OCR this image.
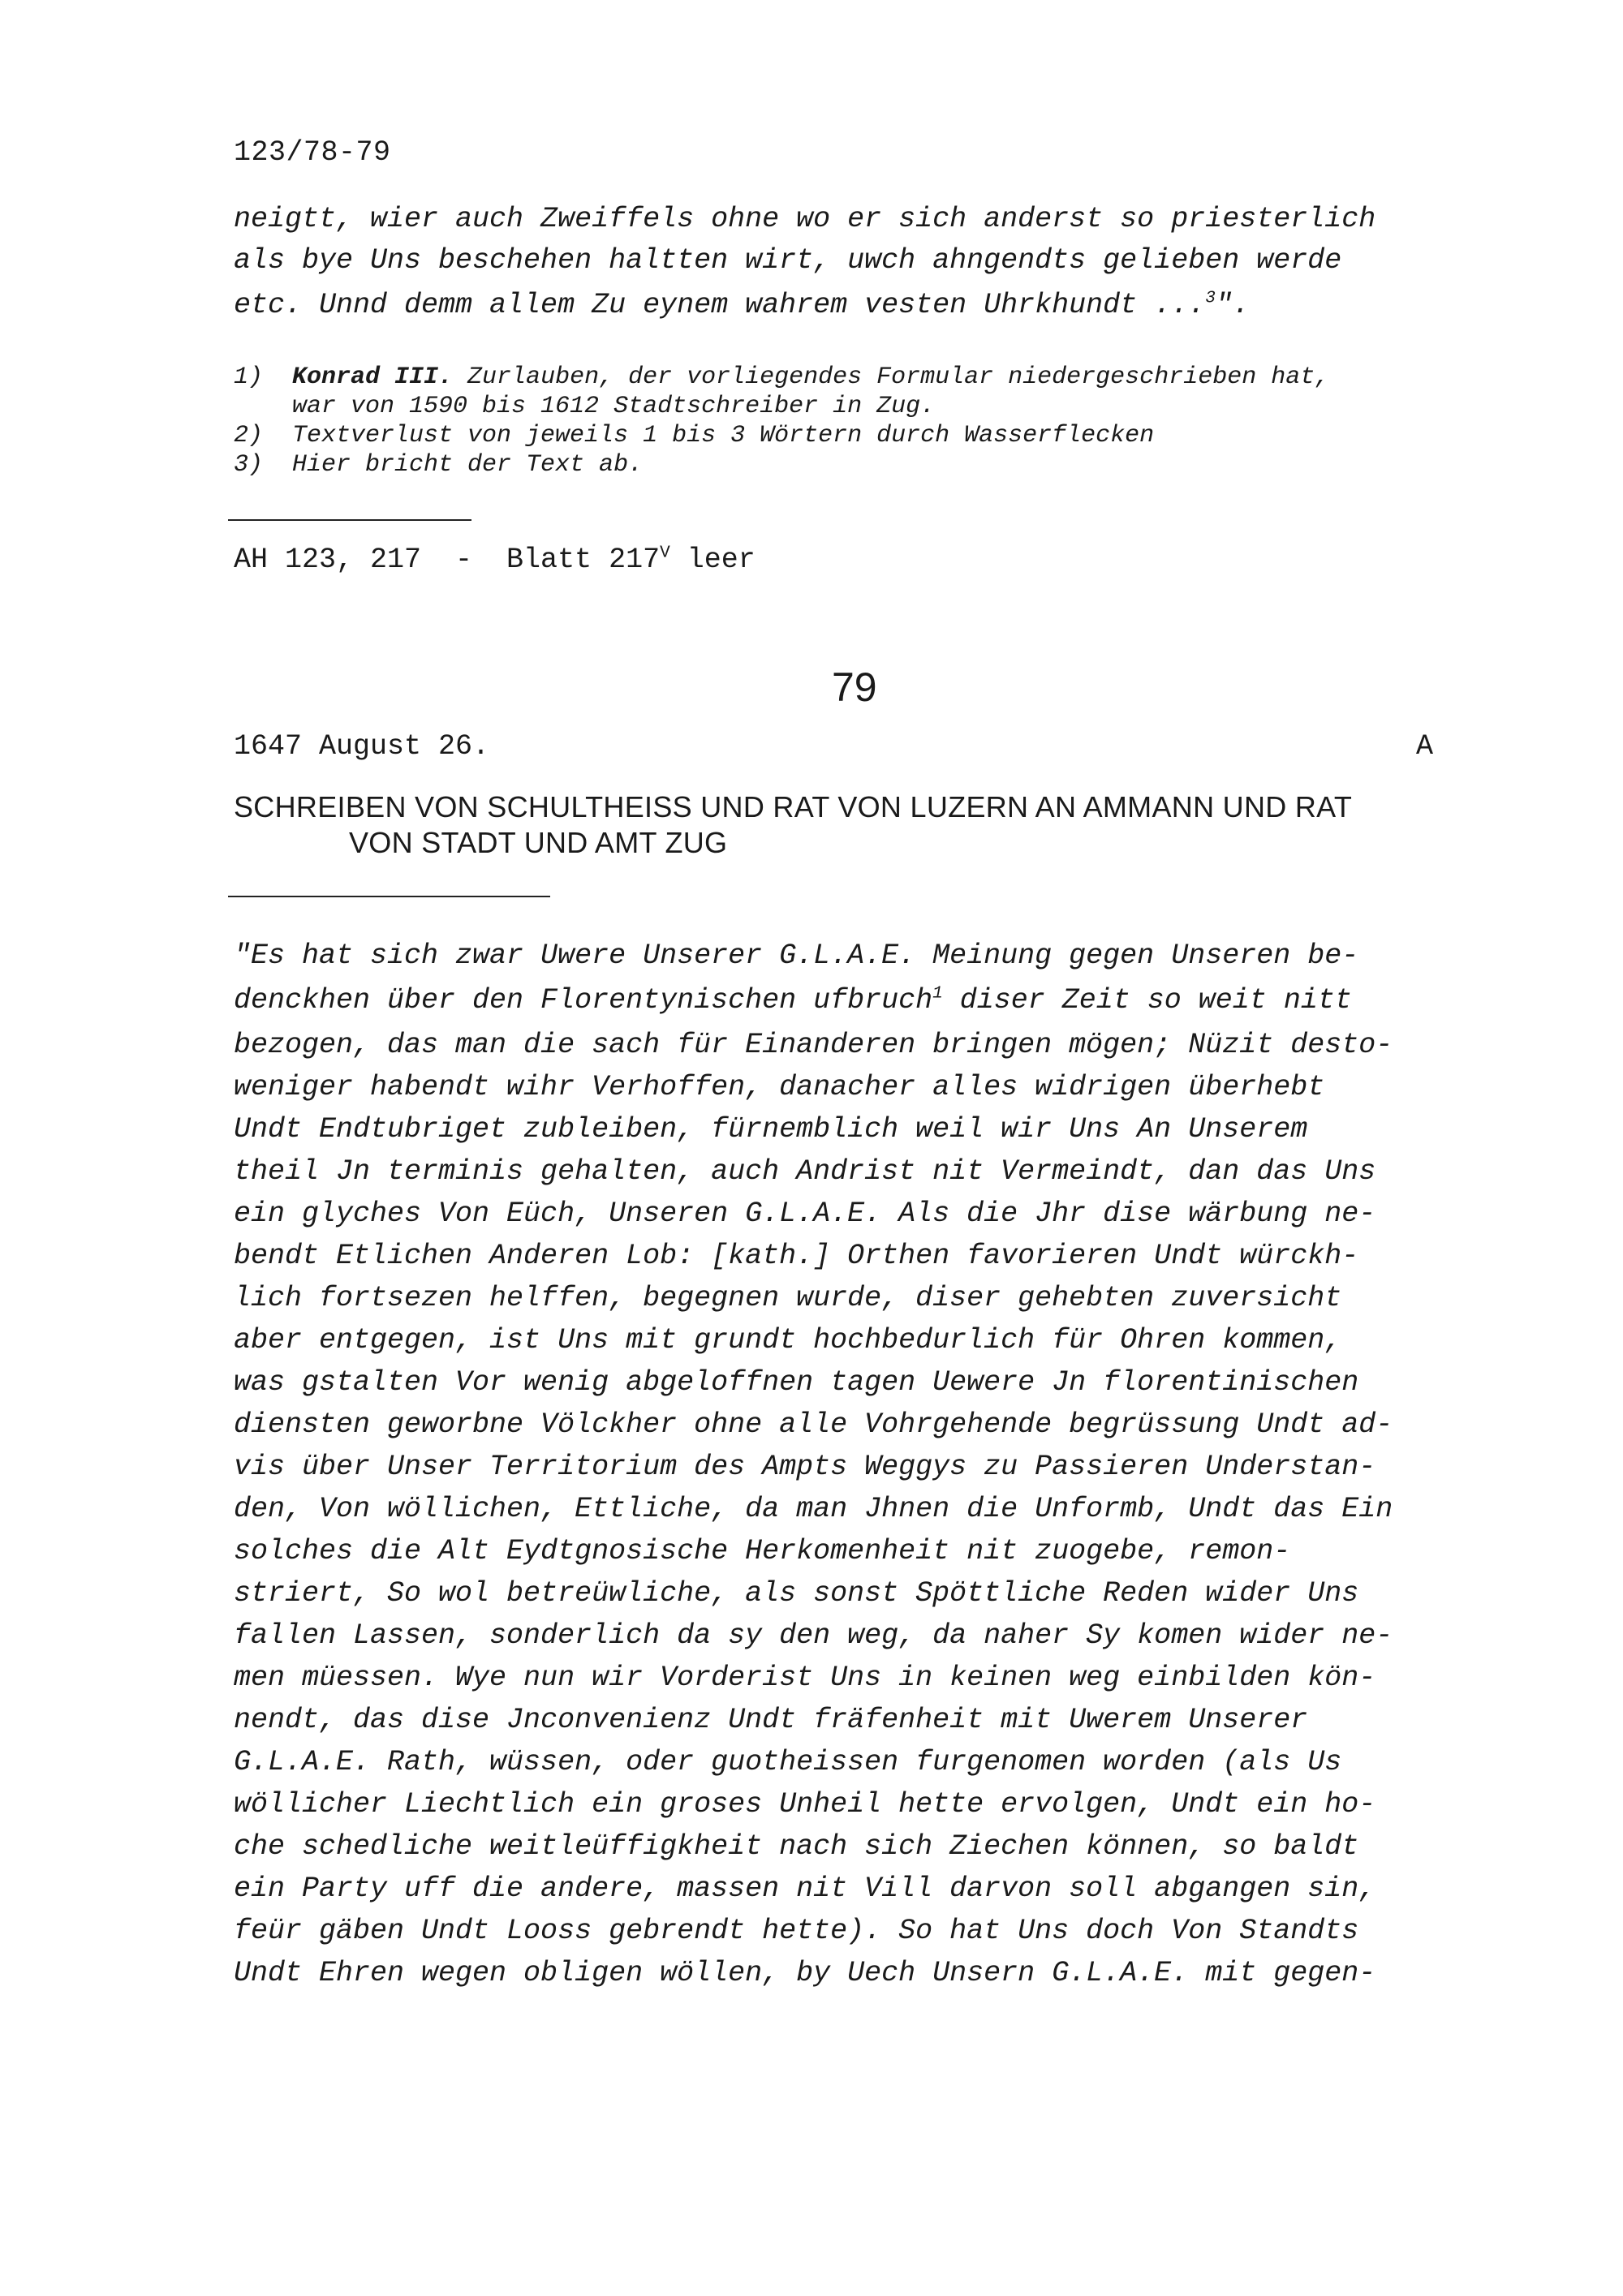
123/78-79
neigtt, wier auch Zweiffels ohne wo er sich anderst so priesterlich
als bye Uns beschehen haltten wirt, uwch ahngendts gelieben werde
etc. Unnd demm allem Zu eynem wahrem vesten Uhrkhundt ...$^3$".
1) Konrad III. Zurlauben, der vorliegendes Formular niedergeschrieben hat,
war von 1590 bis 1612 Stadtschreiber in Zug.
2) Textverlust von jeweils 1 bis 3 Wörtern durch Wasserflecken
3) Hier bricht der Text ab.
AH 123, 217  -  Blatt $217^V$ leer
79
1647 August 26.	A
SCHREIBEN VON SCHULTHEISS UND RAT VON LUZERN AN AMMANN UND RAT
VON STADT UND AMT ZUG
"Es hat sich zwar Uwere Unserer G.L.A.E. Meinung gegen Unseren be-
denckhen über den Florentynischen ufbruch$^1$ diser Zeit so weit nitt
bezogen, das man die sach für Einanderen bringen mögen; Nüzit desto-
weniger habendt wihr Verhoffen, danacher alles widrigen überhebt
Undt Endtubriget zubleiben, fürnemblich weil wir Uns An Unserem
theil Jn terminis gehalten, auch Andrist nit Vermeindt, dan das Uns
ein glyches Von Eüch, Unseren G.L.A.E. Als die Jhr dise wärbung ne-
bendt Etlichen Anderen Lob: [kath.] Orthen favorieren Undt würckh-
lich fortsezen helffen, begegnen wurde, diser gehebten zuversicht
aber entgegen, ist Uns mit grundt hochbedurlich für Ohren kommen,
was gstalten Vor wenig abgeloffnen tagen Uewere Jn florentinischen
diensten geworbne Völckher ohne alle Vohrgehende begrüssung Undt ad-
vis über Unser Territorium des Ampts Weggys zu Passieren Understan-
den, Von wöllichen, Ettliche, da man Jhnen die Unformb, Undt das Ein
solches die Alt Eydtgnosische Herkomenheit nit zuogebe, remon-
striert, So wol betreüwliche, als sonst Spöttliche Reden wider Uns
fallen Lassen, sonderlich da sy den weg, da naher Sy komen wider ne-
men müessen. Wye nun wir Vorderist Uns in keinen weg einbilden kön-
nendt, das dise Jnconvenienz Undt fräfenheit mit Uwerem Unserer
G.L.A.E. Rath, wüssen, oder guotheissen furgenomen worden (als Us
wöllicher Liechtlich ein groses Unheil hette ervolgen, Undt ein ho-
che schedliche weitleüffigkheit nach sich Ziechen können, so baldt
ein Party uff die andere, massen nit Vill darvon soll abgangen sin,
feür gäben Undt Looss gebrendt hette). So hat Uns doch Von Standts
Undt Ehren wegen obligen wöllen, by Uech Unsern G.L.A.E. mit gegen-
